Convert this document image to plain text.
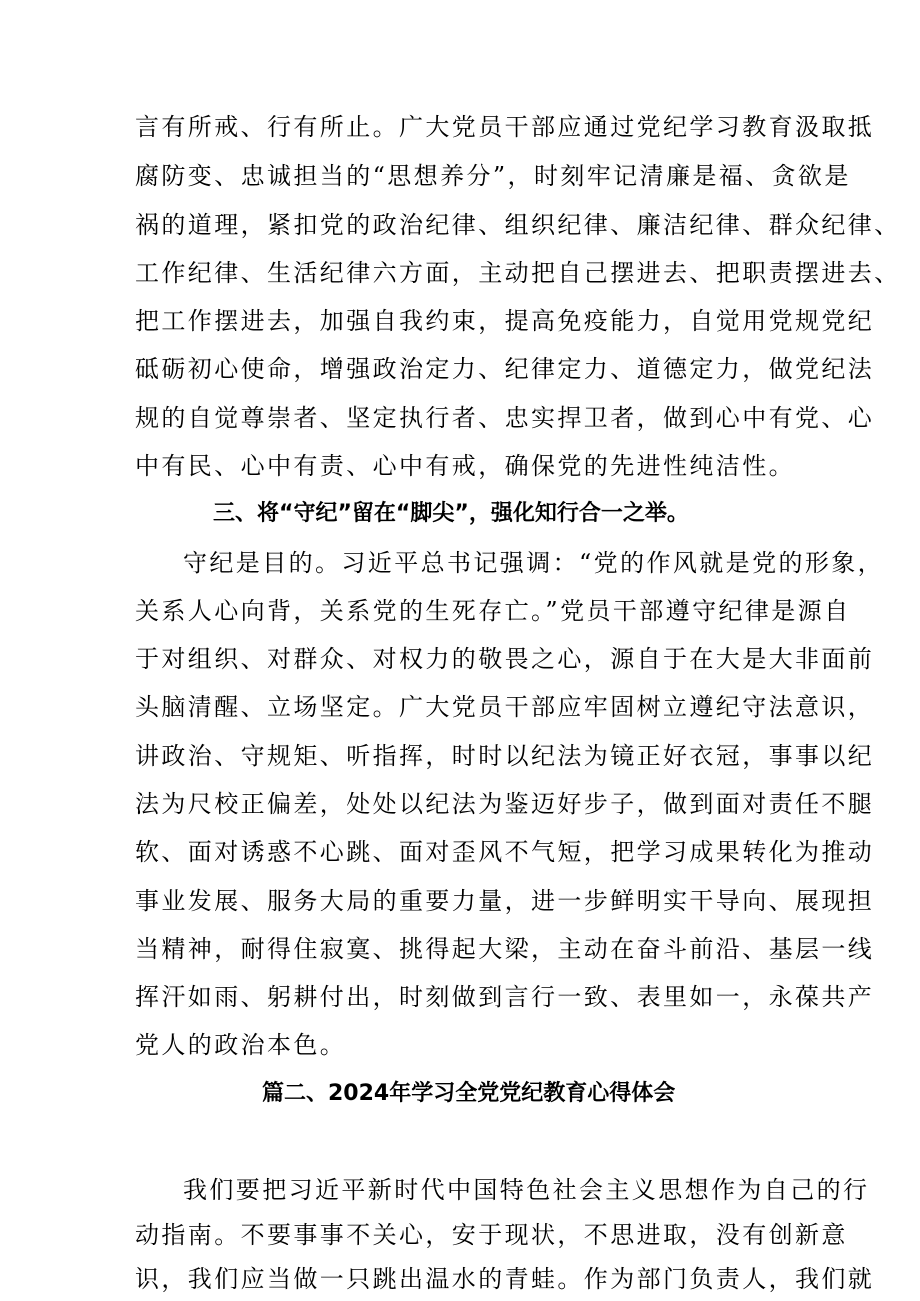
言有所戒、行有所止。广大党员干部应通过党纪学习教育汲取抵
腐防变、忠诚担当的“思想养分”，时刻牢记清廉是福、贪欲是
祸的道理，紧扣党的政治纪律、组织纪律、廉洁纪律、群众纪律、
工作纪律、生活纪律六方面，主动把自己摆进去、把职责摆进去、
把工作摆进去，加强自我约束，提高免疫能力，自觉用党规党纪
砥砺初心使命，增强政治定力、纪律定力、道德定力，做党纪法
规的自觉尊崇者、坚定执行者、忠实捍卫者，做到心中有党、心
中有民、心中有责、心中有戒，确保党的先进性纯洁性。
三、将“守纪”留在“脚尖”，强化知行合一之举。
守纪是目的。习近平总书记强调：“党的作风就是党的形象，
关系人心向背，关系党的生死存亡。”党员干部遵守纪律是源自
于对组织、对群众、对权力的敬畏之心，源自于在大是大非面前
头脑清醒、立场坚定。广大党员干部应牢固树立遵纪守法意识，
讲政治、守规矩、听指挥，时时以纪法为镜正好衣冠，事事以纪
法为尺校正偏差，处处以纪法为鉴迈好步子，做到面对责任不腿
软、面对诱惑不心跳、面对歪风不气短，把学习成果转化为推动
事业发展、服务大局的重要力量，进一步鲜明实干导向、展现担
当精神，耐得住寂寞、挑得起大梁，主动在奋斗前沿、基层一线
挥汗如雨、躬耕付出，时刻做到言行一致、表里如一，永葆共产
党人的政治本色。
篇二、2024年学习全党党纪教育心得体会
我们要把习近平新时代中国特色社会主义思想作为自己的行
动指南。不要事事不关心，安于现状，不思进取，没有创新意
识，我们应当做一只跳出温水的青蛙。作为部门负责人，我们就
